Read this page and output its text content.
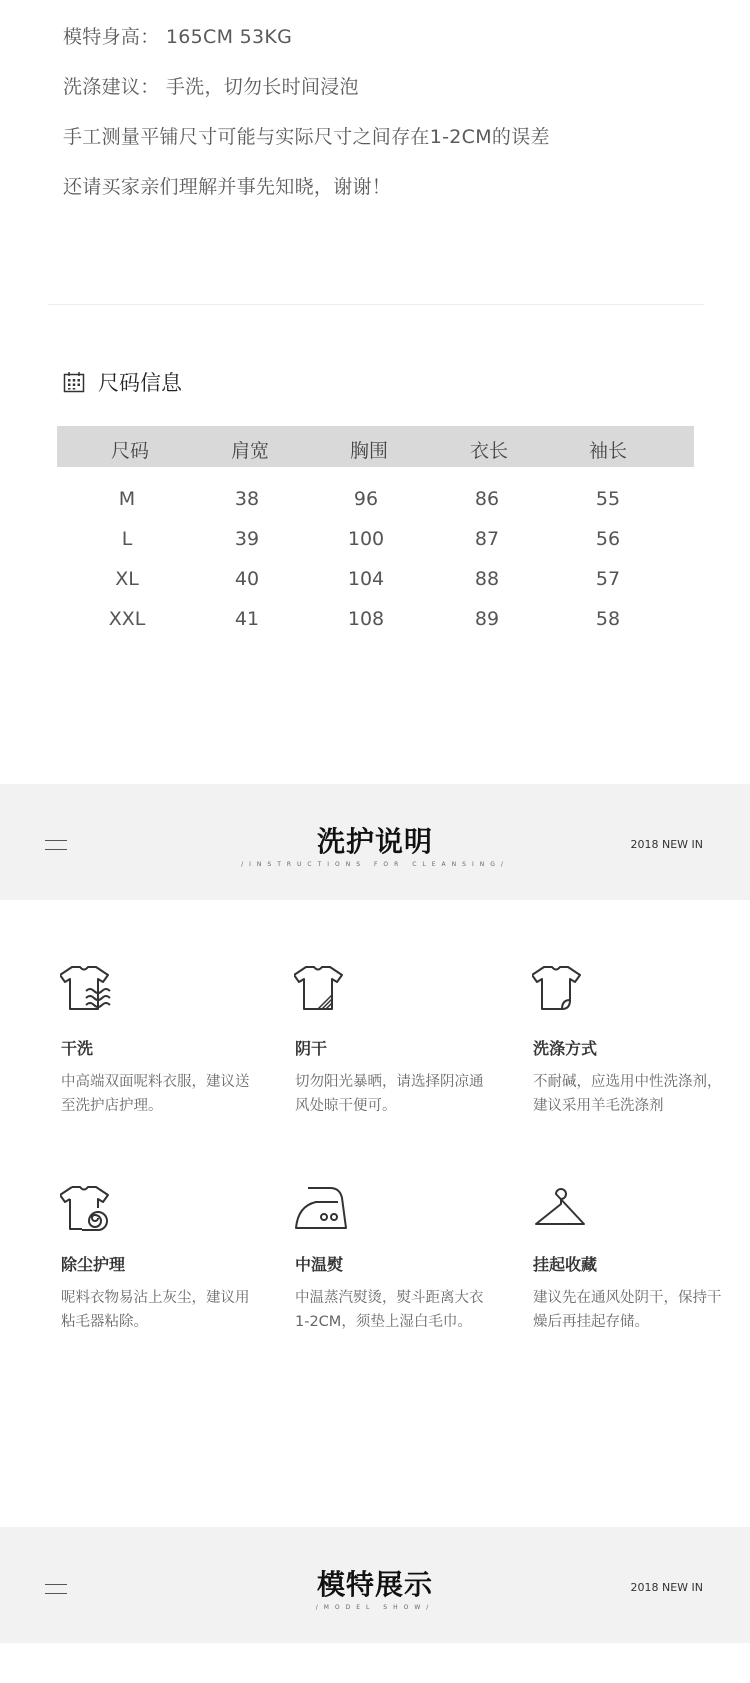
模特身高： 165CM 53KG
洗涤建议： 手洗，切勿长时间浸泡
手工测量平铺尺寸可能与实际尺寸之间存在1-2CM的误差
还请买家亲们理解并事先知晓，谢谢！
尺码信息
尺码	肩宽	胸围	衣长	袖长
M	38	96	86	55
L	39	100	87	56
XL	40	104	88	57
XXL	41	108	89	58
洗护说明
/INSTRUCTIONS FOR CLEANSING/
2018 NEW IN
干洗
中高端双面呢料衣服，建议送至洗护店护理。
阴干
切勿阳光暴晒，请选择阴凉通风处晾干便可。
洗涤方式
不耐碱，应选用中性洗涤剂，建议采用羊毛洗涤剂
除尘护理
呢料衣物易沾上灰尘，建议用粘毛器粘除。
中温熨
中温蒸汽熨烫，熨斗距离大衣1-2CM，须垫上湿白毛巾。
挂起收藏
建议先在通风处阴干，保持干燥后再挂起存储。
模特展示
/MODEL SHOW/
2018 NEW IN
